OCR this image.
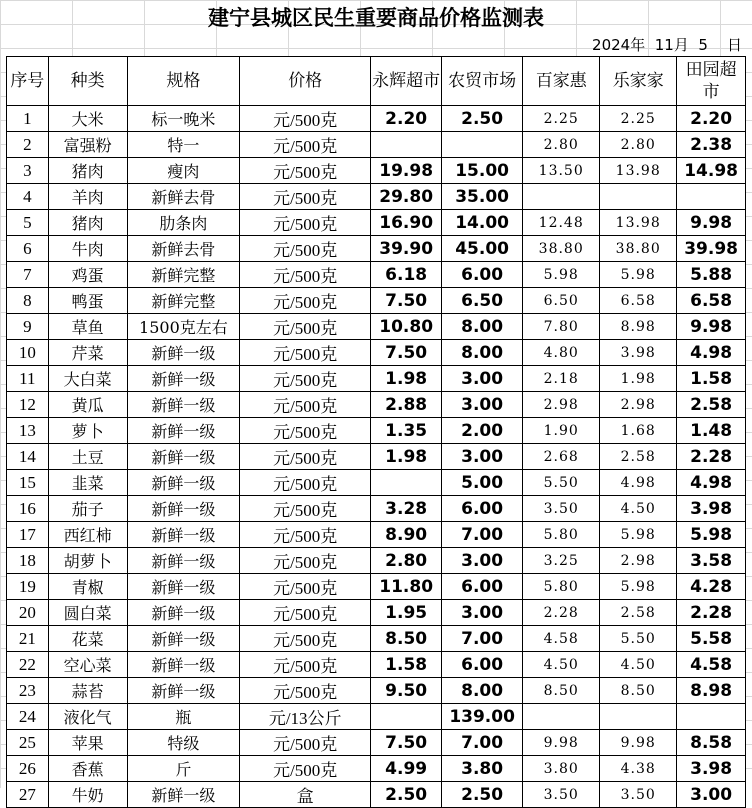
建宁县城区民生重要商品价格监测表
2024年  11月  5    日
序号	种类	规格	价格	永辉超市	农贸市场	百家惠	乐家家	田园超市
1	大米	标一晚米	元/500克	2.20	2.50	2.25	2.25	2.20
2	富强粉	特一	元/500克			2.80	2.80	2.38
3	猪肉	瘦肉	元/500克	19.98	15.00	13.50	13.98	14.98
4	羊肉	新鲜去骨	元/500克	29.80	35.00			
5	猪肉	肋条肉	元/500克	16.90	14.00	12.48	13.98	9.98
6	牛肉	新鲜去骨	元/500克	39.90	45.00	38.80	38.80	39.98
7	鸡蛋	新鲜完整	元/500克	6.18	6.00	5.98	5.98	5.88
8	鸭蛋	新鲜完整	元/500克	7.50	6.50	6.50	6.58	6.58
9	草鱼	1500克左右	元/500克	10.80	8.00	7.80	8.98	9.98
10	芹菜	新鲜一级	元/500克	7.50	8.00	4.80	3.98	4.98
11	大白菜	新鲜一级	元/500克	1.98	3.00	2.18	1.98	1.58
12	黄瓜	新鲜一级	元/500克	2.88	3.00	2.98	2.98	2.58
13	萝卜	新鲜一级	元/500克	1.35	2.00	1.90	1.68	1.48
14	土豆	新鲜一级	元/500克	1.98	3.00	2.68	2.58	2.28
15	韭菜	新鲜一级	元/500克		5.00	5.50	4.98	4.98
16	茄子	新鲜一级	元/500克	3.28	6.00	3.50	4.50	3.98
17	西红柿	新鲜一级	元/500克	8.90	7.00	5.80	5.98	5.98
18	胡萝卜	新鲜一级	元/500克	2.80	3.00	3.25	2.98	3.58
19	青椒	新鲜一级	元/500克	11.80	6.00	5.80	5.98	4.28
20	圆白菜	新鲜一级	元/500克	1.95	3.00	2.28	2.58	2.28
21	花菜	新鲜一级	元/500克	8.50	7.00	4.58	5.50	5.58
22	空心菜	新鲜一级	元/500克	1.58	6.00	4.50	4.50	4.58
23	蒜苔	新鲜一级	元/500克	9.50	8.00	8.50	8.50	8.98
24	液化气	瓶	元/13公斤		139.00			
25	苹果	特级	元/500克	7.50	7.00	9.98	9.98	8.58
26	香蕉	斤	元/500克	4.99	3.80	3.80	4.38	3.98
27	牛奶	新鲜一级	盒	2.50	2.50	3.50	3.50	3.00
